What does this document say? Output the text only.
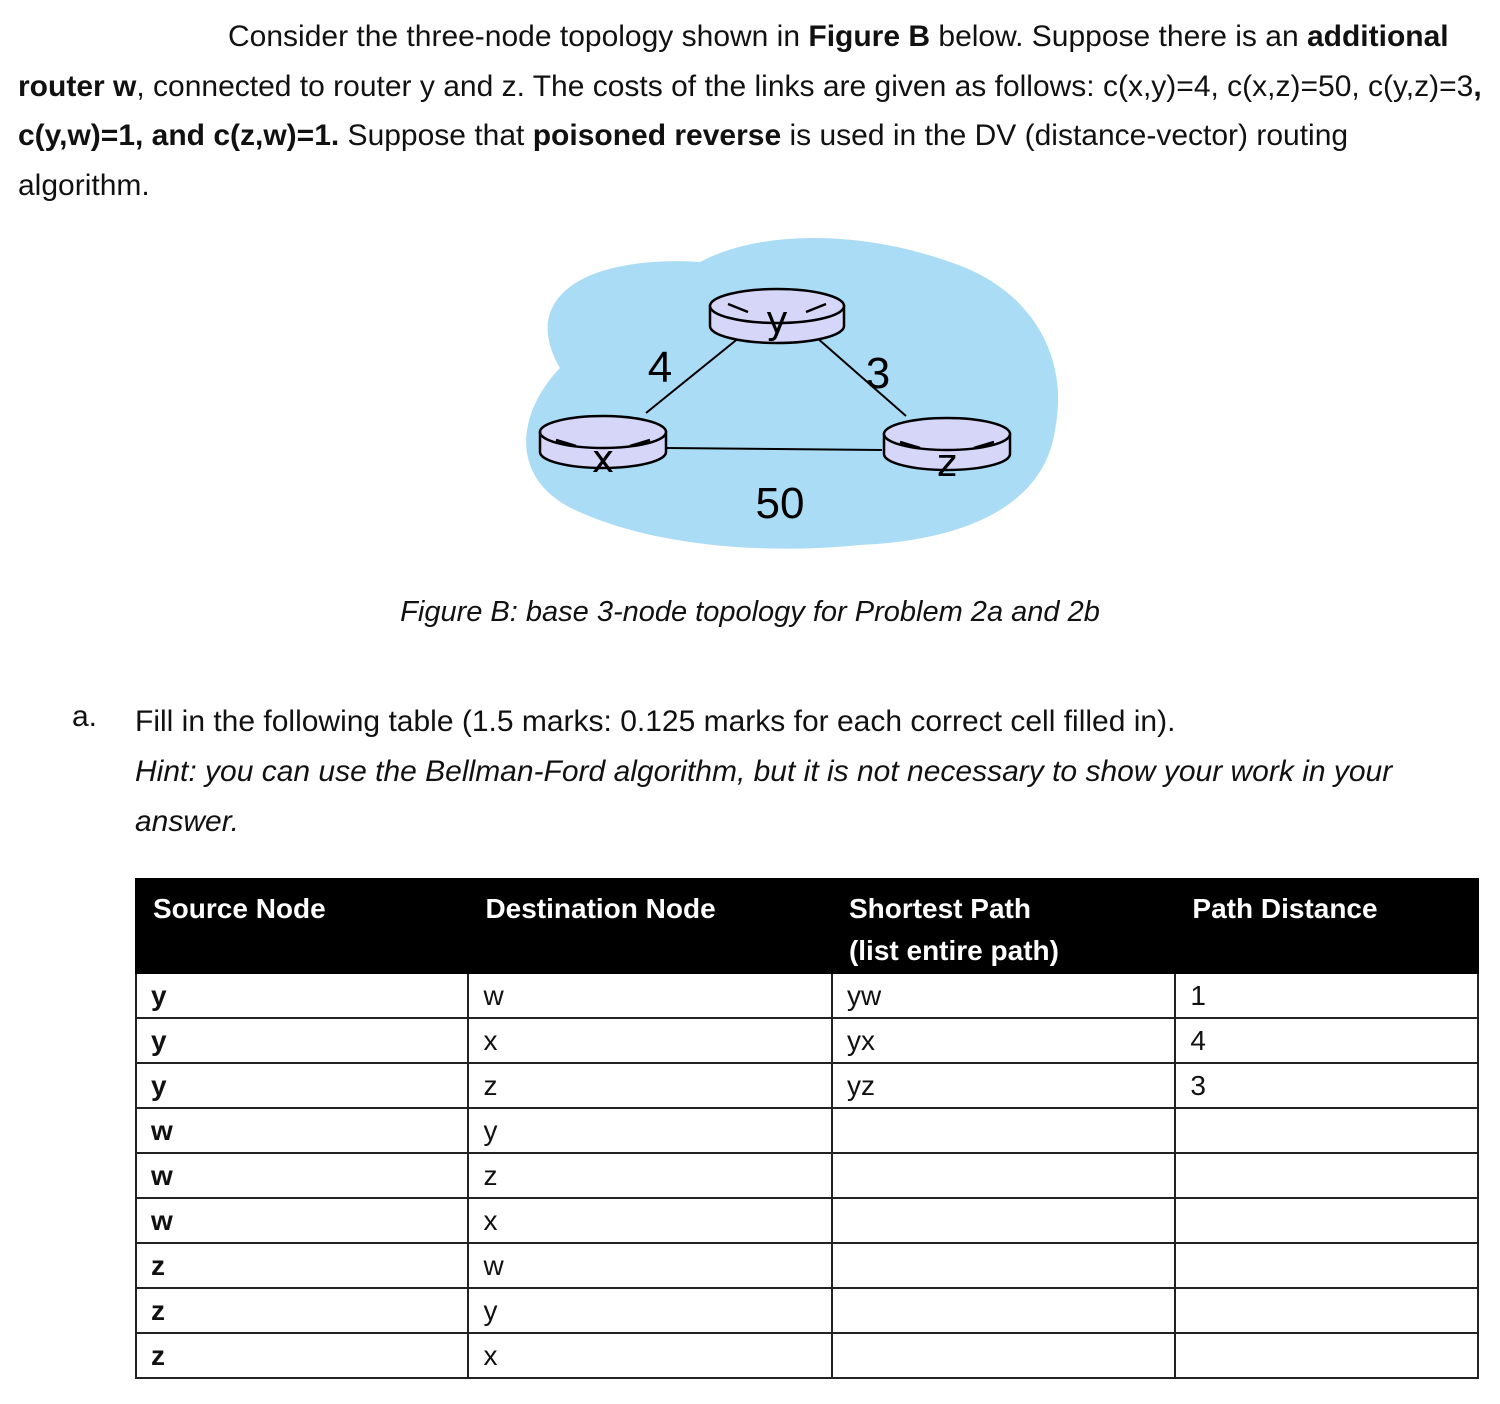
Consider the three-node topology shown in Figure B below. Suppose there is an additional router w, connected to router y and z. The costs of the links are given as follows: c(x,y)=4, c(x,z)=50, c(y,z)=3, c(y,w)=1, and c(z,w)=1. Suppose that poisoned reverse is used in the DV (distance-vector) routing algorithm.

y
x	z
4	3
50

Figure B: base 3-node topology for Problem 2a and 2b

a. Fill in the following table (1.5 marks: 0.125 marks for each correct cell filled in).
Hint: you can use the Bellman-Ford algorithm, but it is not necessary to show your work in your answer.

Source Node	Destination Node	Shortest Path
(list entire path)	Path Distance
y	w	yw	1
y	x	yx	4
y	z	yz	3
w	y		
w	z		
w	x		
z	w		
z	y		
z	x		
